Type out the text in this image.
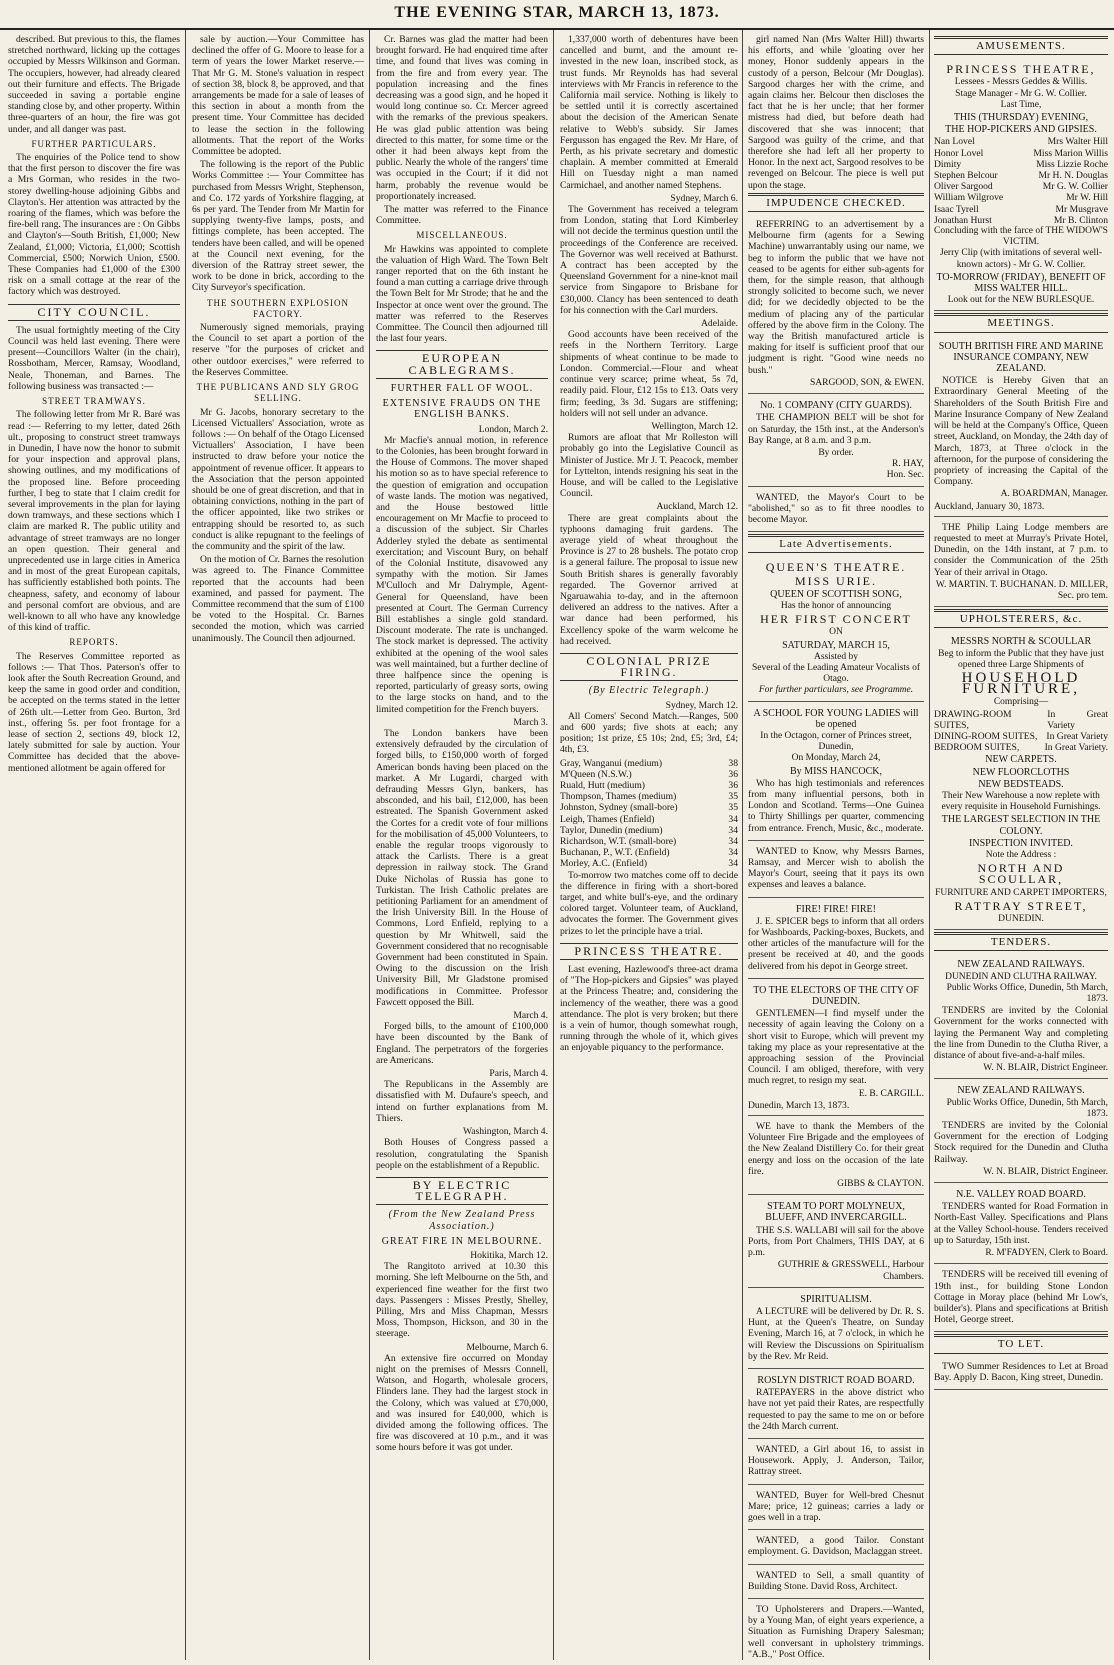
THE EVENING STAR, MARCH 13, 1873.

described. But previous to this, the flames stretched northward, licking up the cottages occupied by Messrs Wilkinson and Gorman. The occupiers, however, had already cleared out their furniture and effects. The Brigade succeeded in saving a portable engine standing close by, and other property. Within three-quarters of an hour, the fire was got under, and all danger was past.

FURTHER PARTICULARS.

The enquiries of the Police tend to show that the first person to discover the fire was a Mrs Gorman, who resides in the two-storey dwelling-house adjoining Gibbs and Clayton's. Her attention was attracted by the roaring of the flames, which was before the fire-bell rang. The insurances are : On Gibbs and Clayton's—South British, £1,000; New Zealand, £1,000; Victoria, £1,000; Scottish Commercial, £500; Norwich Union, £500. These Companies had £1,000 of the £300 risk on a small cottage at the rear of the factory which was destroyed.

CITY COUNCIL.

The usual fortnightly meeting of the City Council was held last evening. There were present—Councillors Walter (in the chair), Rossbotham, Mercer, Ramsay, Woodland, Neale, Thoneman, and Barnes. The following business was transacted :—

STREET TRAMWAYS.

The following letter from Mr R. Baré was read :— Referring to my letter, dated 26th ult., proposing to construct street tramways in Dunedin, I have now the honor to submit for your inspection and approval plans, showing outlines, and my modifications of the proposed line. Before proceeding further, I beg to state that I claim credit for several improvements in the plan for laying down tramways, and these sections which I claim are marked R. The public utility and advantage of street tramways are no longer an open question. Their general and unprecedented use in large cities in America and in most of the great European capitals, has sufficiently established both points. The cheapness, safety, and economy of labour and personal comfort are obvious, and are well-known to all who have any knowledge of this kind of traffic.

REPORTS.

The Reserves Committee reported as follows :— That Thos. Paterson's offer to look after the South Recreation Ground, and keep the same in good order and condition, be accepted on the terms stated in the letter of 26th ult.—Letter from Geo. Burton, 3rd inst., offering 5s. per foot frontage for a lease of section 2, sections 49, block 12, lately submitted for sale by auction. Your Committee has decided that the above-mentioned allotment be again offered for

sale by auction.—Your Committee has declined the offer of G. Moore to lease for a term of years the lower Market reserve.—That Mr G. M. Stone's valuation in respect of section 38, block 8, be approved, and that arrangements be made for a sale of leases of this section in about a month from the present time. Your Committee has decided to lease the section in the following allotments. That the report of the Works Committee be adopted.

The following is the report of the Public Works Committee :— Your Committee has purchased from Messrs Wright, Stephenson, and Co. 172 yards of Yorkshire flagging, at 6s per yard. The Tender from Mr Martin for supplying twenty-five lamps, posts, and fittings complete, has been accepted. The tenders have been called, and will be opened at the Council next evening, for the diversion of the Rattray street sewer, the work to be done in brick, according to the City Surveyor's specification.

THE SOUTHERN EXPLOSION FACTORY.

Numerously signed memorials, praying the Council to set apart a portion of the reserve "for the purposes of cricket and other outdoor exercises," were referred to the Reserves Committee.

THE PUBLICANS AND SLY GROG SELLING.

Mr G. Jacobs, honorary secretary to the Licensed Victuallers' Association, wrote as follows :— On behalf of the Otago Licensed Victuallers' Association, I have been instructed to draw before your notice the appointment of revenue officer. It appears to the Association that the person appointed should be one of great discretion, and that in obtaining convictions, nothing in the part of the officer appointed, like two strikes or entrapping should be resorted to, as such conduct is alike repugnant to the feelings of the community and the spirit of the law.

On the motion of Cr. Barnes the resolution was agreed to. The Finance Committee reported that the accounts had been examined, and passed for payment. The Committee recommend that the sum of £100 be voted to the Hospital. Cr. Barnes seconded the motion, which was carried unanimously. The Council then adjourned.

Cr. Barnes was glad the matter had been brought forward. He had enquired time after time, and found that lives was coming in from the fire and from every year. The population increasing and the fines decreasing was a good sign, and he hoped it would long continue so. Cr. Mercer agreed with the remarks of the previous speakers. He was glad public attention was being directed to this matter, for some time or the other it had been always kept from the public. Nearly the whole of the rangers' time was occupied in the Court; if it did not harm, probably the revenue would be proportionately increased.

The matter was referred to the Finance Committee.

MISCELLANEOUS.

Mr Hawkins was appointed to complete the valuation of High Ward. The Town Belt ranger reported that on the 6th instant he found a man cutting a carriage drive through the Town Belt for Mr Strode; that he and the Inspector at once went over the ground. The matter was referred to the Reserves Committee. The Council then adjourned till the last four years.

EUROPEAN CABLEGRAMS.
FURTHER FALL OF WOOL.
EXTENSIVE FRAUDS ON THE ENGLISH BANKS.
London, March 2.

Mr Macfie's annual motion, in reference to the Colonies, has been brought forward in the House of Commons. The mover shaped his motion so as to have special reference to the question of emigration and occupation of waste lands. The motion was negatived, and the House bestowed little encouragement on Mr Macfie to proceed to a discussion of the subject. Sir Charles Adderley styled the debate as sentimental exercitation; and Viscount Bury, on behalf of the Colonial Institute, disavowed any sympathy with the motion. Sir James M'Culloch and Mr Dalrymple, Agent-General for Queensland, have been presented at Court. The German Currency Bill establishes a single gold standard. Discount moderate. The rate is unchanged. The stock market is depressed. The activity exhibited at the opening of the wool sales was well maintained, but a further decline of three halfpence since the opening is reported, particularly of greasy sorts, owing to the large stocks on hand, and to the limited competition for the French buyers.

March 3.

The London bankers have been extensively defrauded by the circulation of forged bills, to £150,000 worth of forged American bonds having been placed on the market. A Mr Lugardi, charged with defrauding Messrs Glyn, bankers, has absconded, and his bail, £12,000, has been estreated. The Spanish Government asked the Cortes for a credit vote of four millions for the mobilisation of 45,000 Volunteers, to enable the regular troops vigorously to attack the Carlists. There is a great depression in railway stock. The Grand Duke Nicholas of Russia has gone to Turkistan. The Irish Catholic prelates are petitioning Parliament for an amendment of the Irish University Bill. In the House of Commons, Lord Enfield, replying to a question by Mr Whitwell, said the Government considered that no recognisable Government had been constituted in Spain. Owing to the discussion on the Irish University Bill, Mr Gladstone promised modifications in Committee. Professor Fawcett opposed the Bill.

March 4.

Forged bills, to the amount of £100,000 have been discounted by the Bank of England. The perpetrators of the forgeries are Americans.

Paris, March 4.

The Republicans in the Assembly are dissatisfied with M. Dufaure's speech, and intend on further explanations from M. Thiers.

Washington, March 4.

Both Houses of Congress passed a resolution, congratulating the Spanish people on the establishment of a Republic.

BY ELECTRIC TELEGRAPH.
(From the New Zealand Press Association.)
GREAT FIRE IN MELBOURNE.
Hokitika, March 12.

The Rangitoto arrived at 10.30 this morning. She left Melbourne on the 5th, and experienced fine weather for the first two days. Passengers : Misses Prestly, Shelley, Pilling, Mrs and Miss Chapman, Messrs Moss, Thompson, Hickson, and 30 in the steerage.

Melbourne, March 6.

An extensive fire occurred on Monday night on the premises of Messrs Connell, Watson, and Hogarth, wholesale grocers, Flinders lane. They had the largest stock in the Colony, which was valued at £70,000, and was insured for £40,000, which is divided among the following offices. The fire was discovered at 10 p.m., and it was some hours before it was got under.

1,337,000 worth of debentures have been cancelled and burnt, and the amount re-invested in the new loan, inscribed stock, as trust funds. Mr Reynolds has had several interviews with Mr Francis in reference to the California mail service. Nothing is likely to be settled until it is correctly ascertained about the decision of the American Senate relative to Webb's subsidy. Sir James Fergusson has engaged the Rev. Mr Hare, of Perth, as his private secretary and domestic chaplain. A member committed at Emerald Hill on Tuesday night a man named Carmichael, and another named Stephens.

Sydney, March 6.

The Government has received a telegram from London, stating that Lord Kimberley will not decide the terminus question until the proceedings of the Conference are received. The Governor was well received at Bathurst. A contract has been accepted by the Queensland Government for a nine-knot mail service from Singapore to Brisbane for £30,000. Clancy has been sentenced to death for his connection with the Carl murders.

Adelaide.

Good accounts have been received of the reefs in the Northern Territory. Large shipments of wheat continue to be made to London. Commercial.—Flour and wheat continue very scarce; prime wheat, 5s 7d, readily paid. Flour, £12 15s to £13. Oats very firm; feeding, 3s 3d. Sugars are stiffening; holders will not sell under an advance.

Wellington, March 12.

Rumors are afloat that Mr Rolleston will probably go into the Legislative Council as Minister of Justice. Mr J. T. Peacock, member for Lyttelton, intends resigning his seat in the House, and will be called to the Legislative Council.

Auckland, March 12.

There are great complaints about the typhoons damaging fruit gardens. The average yield of wheat throughout the Province is 27 to 28 bushels. The potato crop is a general failure. The proposal to issue new South British shares is generally favorably regarded. The Governor arrived at Ngaruawahia to-day, and in the afternoon delivered an address to the natives. After a war dance had been performed, his Excellency spoke of the warm welcome he had received.

COLONIAL PRIZE FIRING.
(By Electric Telegraph.)
Sydney, March 12.

All Comers' Second Match.—Ranges, 500 and 600 yards; five shots at each; any position; 1st prize, £5 10s; 2nd, £5; 3rd, £4; 4th, £3.

Gray, Wanganui (medium)	38
M'Queen (N.S.W.)	36
Ruald, Hutt (medium)	36
Thompson, Thames (medium)	35
Johnston, Sydney (small-bore)	35
Leigh, Thames (Enfield)	34
Taylor, Dunedin (medium)	34
Richardson, W.T. (small-bore)	34
Buchanan, P., W.T. (Enfield)	34
Morley, A.C. (Enfield)	34

To-morrow two matches come off to decide the difference in firing with a short-bored target, and white bull's-eye, and the ordinary colored target. Volunteer team, of Auckland, advocates the former. The Government gives prizes to let the principle have a trial.

PRINCESS THEATRE.

Last evening, Hazlewood's three-act drama of "The Hop-pickers and Gipsies" was played at the Princess Theatre; and, considering the inclemency of the weather, there was a good attendance. The plot is very broken; but there is a vein of humor, though somewhat rough, running through the whole of it, which gives an enjoyable piquancy to the performance.

girl named Nan (Mrs Walter Hill) thwarts his efforts, and while 'gloating over her money, Honor suddenly appears in the custody of a person, Belcour (Mr Douglas). Sargood charges her with the crime, and again claims her. Belcour then discloses the fact that he is her uncle; that her former mistress had died, but before death had discovered that she was innocent; that Sargood was guilty of the crime, and that therefore she had left all her property to Honor. In the next act, Sargood resolves to be revenged on Belcour. The piece is well put upon the stage.

IMPUDENCE CHECKED.

REFERRING to an advertisement by a Melbourne firm (agents for a Sewing Machine) unwarrantably using our name, we beg to inform the public that we have not ceased to be agents for either sub-agents for them, for the simple reason, that although strongly solicited to become such, we never did; for we decidedly objected to be the medium of placing any of the particular offered by the above firm in the Colony. The way the British manufactured article is making for itself is sufficient proof that our judgment is right. "Good wine needs no bush."

SARGOOD, SON, & EWEN.
No. 1 COMPANY (CITY GUARDS).

THE CHAMPION BELT will be shot for on Saturday, the 15th inst., at the Anderson's Bay Range, at 8 a.m. and 3 p.m.

By order.
R. HAY,
Hon. Sec.

WANTED, the Mayor's Court to be "abolished," so as to fit three noodles to become Mayor.

Late Advertisements.
QUEEN'S THEATRE.
MISS URIE.
QUEEN OF SCOTTISH SONG,
Has the honor of announcing
HER FIRST CONCERT
ON
SATURDAY, MARCH 15,
Assisted by
Several of the Leading Amateur Vocalists of Otago.
For further particulars, see Programme.
A SCHOOL FOR YOUNG LADIES will be opened
In the Octagon, corner of Princes street, Dunedin,
On Monday, March 24,
By MISS HANCOCK,

Who has high testimonials and references from many influential persons, both in London and Scotland. Terms—One Guinea to Thirty Shillings per quarter, commencing from entrance. French, Music, &c., moderate.

WANTED to Know, why Messrs Barnes, Ramsay, and Mercer wish to abolish the Mayor's Court, seeing that it pays its own expenses and leaves a balance.

FIRE! FIRE! FIRE!

J. E. SPICER begs to inform that all orders for Washboards, Packing-boxes, Buckets, and other articles of the manufacture will for the present be received at 40, and the goods delivered from his depot in George street.

TO THE ELECTORS OF THE CITY OF DUNEDIN.

GENTLEMEN—I find myself under the necessity of again leaving the Colony on a short visit to Europe, which will prevent my taking my place as your representative at the approaching session of the Provincial Council. I am obliged, therefore, with very much regret, to resign my seat.

E. B. CARGILL.
Dunedin, March 13, 1873.

WE have to thank the Members of the Volunteer Fire Brigade and the employees of the New Zealand Distillery Co. for their great energy and loss on the occasion of the late fire.

GIBBS & CLAYTON.
STEAM TO PORT MOLYNEUX, BLUEFF, AND INVERCARGILL.

THE S.S. WALLABI will sail for the above Ports, from Port Chalmers, THIS DAY, at 6 p.m.

GUTHRIE & GRESSWELL, Harbour Chambers.
SPIRITUALISM.

A LECTURE will be delivered by Dr. R. S. Hunt, at the Queen's Theatre, on Sunday Evening, March 16, at 7 o'clock, in which he will Review the Discussions on Spiritualism by the Rev. Mr Reid.

ROSLYN DISTRICT ROAD BOARD.

RATEPAYERS in the above district who have not yet paid their Rates, are respectfully requested to pay the same to me on or before the 24th March current.

WANTED, a Girl about 16, to assist in Housework. Apply, J. Anderson, Tailor, Rattray street.

WANTED, Buyer for Well-bred Chesnut Mare; price, 12 guineas; carries a lady or goes well in a trap.

WANTED, a good Tailor. Constant employment. G. Davidson, Maclaggan street.

WANTED to Sell, a small quantity of Building Stone. David Ross, Architect.

TO Upholsterers and Drapers.—Wanted, by a Young Man, of eight years experience, a Situation as Furnishing Drapery Salesman; well conversant in upholstery trimmings. "A.B.," Post Office.

AMUSEMENTS.
PRINCESS THEATRE,
Lessees - Messrs Geddes & Willis.
Stage Manager - Mr G. W. Collier.
Last Time,
THIS (THURSDAY) EVENING,
THE HOP-PICKERS AND GIPSIES.
Nan Lovel	Mrs Walter Hill
Honor Lovel	Miss Marion Willis
Dimity	Miss Lizzie Roche
Stephen Belcour	Mr H. N. Douglas
Oliver Sargood	Mr G. W. Collier
William Wilgrove	Mr W. Hill
Isaac Tyrell	Mr Musgrave
Jonathan Hurst	Mr B. Clinton
Concluding with the farce of THE WIDOW'S VICTIM.
Jerry Clip (with imitations of several well-known actors) - Mr G. W. Collier.
TO-MORROW (FRIDAY), BENEFIT OF MISS WALTER HILL.
Look out for the NEW BURLESQUE.
MEETINGS.
SOUTH BRITISH FIRE AND MARINE INSURANCE COMPANY, NEW ZEALAND.

NOTICE is Hereby Given that an Extraordinary General Meeting of the Shareholders of the South British Fire and Marine Insurance Company of New Zealand will be held at the Company's Office, Queen street, Auckland, on Monday, the 24th day of March, 1873, at Three o'clock in the afternoon, for the purpose of considering the propriety of increasing the Capital of the Company.

A. BOARDMAN, Manager.
Auckland, January 30, 1873.

THE Philip Laing Lodge members are requested to meet at Murray's Private Hotel, Dunedin, on the 14th instant, at 7 p.m. to consider the Communication of the 25th Year of their arrival in Otago.

W. MARTIN. T. BUCHANAN. D. MILLER, Sec. pro tem.
UPHOLSTERERS, &c.
MESSRS NORTH & SCOULLAR
Beg to inform the Public that they have just opened three Large Shipments of
HOUSEHOLD FURNITURE,
Comprising—
DRAWING-ROOM SUITES,
In Great Variety
DINING-ROOM SUITES, In Great Variety
BEDROOM SUITES,	In Great Variety.
NEW CARPETS.
NEW FLOORCLOTHS
NEW BEDSTEADS.
Their New Warehouse a now replete with every requisite in Household Furnishings.
THE LARGEST SELECTION IN THE COLONY.
INSPECTION INVITED.
Note the Address :
NORTH AND SCOULLAR,
FURNITURE AND CARPET IMPORTERS,
RATTRAY STREET,
DUNEDIN.
TENDERS.
NEW ZEALAND RAILWAYS.
DUNEDIN AND CLUTHA RAILWAY.
Public Works Office, Dunedin, 5th March, 1873.

TENDERS are invited by the Colonial Government for the works connected with laying the Permanent Way and completing the line from Dunedin to the Clutha River, a distance of about five-and-a-half miles.

W. N. BLAIR, District Engineer.
NEW ZEALAND RAILWAYS.
Public Works Office, Dunedin, 5th March, 1873.

TENDERS are invited by the Colonial Government for the erection of Lodging Stock required for the Dunedin and Clutha Railway.

W. N. BLAIR, District Engineer.
N.E. VALLEY ROAD BOARD.

TENDERS wanted for Road Formation in North-East Valley. Specifications and Plans at the Valley School-house. Tenders received up to Saturday, 15th inst.

R. M'FADYEN, Clerk to Board.

TENDERS will be received till evening of 19th inst., for building Stone London Cottage in Moray place (behind Mr Low's, builder's). Plans and specifications at British Hotel, George street.

TO LET.

TWO Summer Residences to Let at Broad Bay. Apply D. Bacon, King street, Dunedin.
